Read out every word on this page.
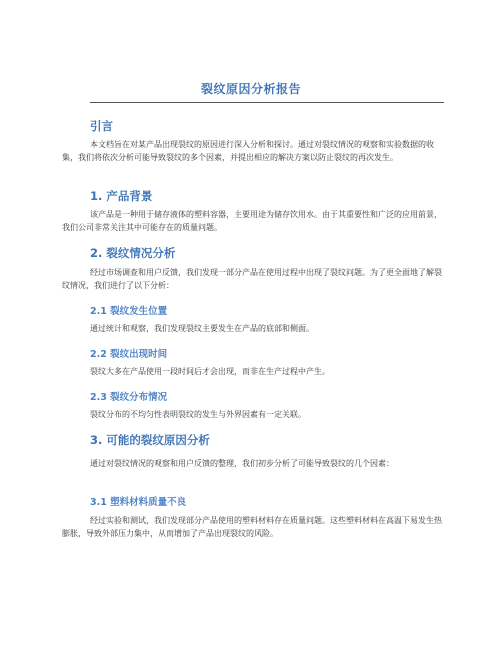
裂纹原因分析报告
引言
本文档旨在对某产品出现裂纹的原因进行深入分析和探讨。通过对裂纹情况的观察和实验数据的收集，我们将依次分析可能导致裂纹的多个因素，并提出相应的解决方案以防止裂纹的再次发生。
1. 产品背景
该产品是一种用于储存液体的塑料容器，主要用途为储存饮用水。由于其重要性和广泛的应用前景，我们公司非常关注其中可能存在的质量问题。
2. 裂纹情况分析
经过市场调查和用户反馈，我们发现一部分产品在使用过程中出现了裂纹问题。为了更全面地了解裂纹情况，我们进行了以下分析：
2.1 裂纹发生位置
通过统计和观察，我们发现裂纹主要发生在产品的底部和侧面。
2.2 裂纹出现时间
裂纹大多在产品使用一段时间后才会出现，而非在生产过程中产生。
2.3 裂纹分布情况
裂纹分布的不均匀性表明裂纹的发生与外界因素有一定关联。
3. 可能的裂纹原因分析
通过对裂纹情况的观察和用户反馈的整理，我们初步分析了可能导致裂纹的几个因素：
3.1 塑料材料质量不良
经过实验和测试，我们发现部分产品使用的塑料材料存在质量问题。这些塑料材料在高温下易发生热膨胀，导致外部压力集中，从而增加了产品出现裂纹的风险。
